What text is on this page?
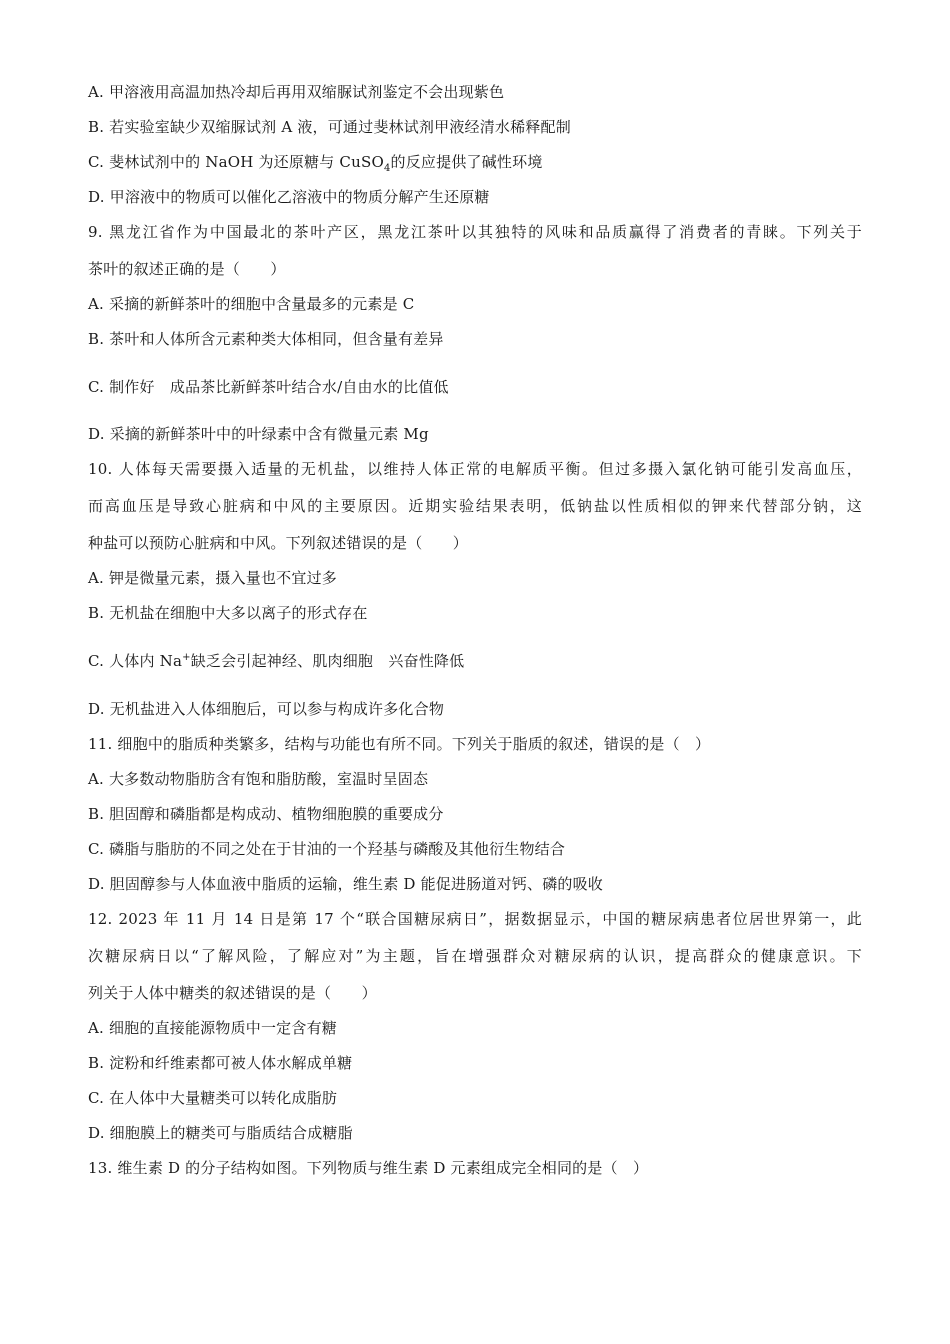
A. 甲溶液用高温加热冷却后再用双缩脲试剂鉴定不会出现紫色
B. 若实验室缺少双缩脲试剂 A 液，可通过斐林试剂甲液经清水稀释配制
C. 斐林试剂中的 NaOH 为还原糖与 CuSO$_4$的反应提供了碱性环境
D. 甲溶液中的物质可以催化乙溶液中的物质分解产生还原糖
9. 黑龙江省作为中国最北的茶叶产区，黑龙江茶叶以其独特的风味和品质赢得了消费者的青睐。下列关于
茶叶的叙述正确的是（　　）
A. 采摘的新鲜茶叶的细胞中含量最多的元素是 C
B. 茶叶和人体所含元素种类大体相同，但含量有差异
C. 制作好　成品茶比新鲜茶叶结合水/自由水的比值低
D. 采摘的新鲜茶叶中的叶绿素中含有微量元素 Mg
10. 人体每天需要摄入适量的无机盐，以维持人体正常的电解质平衡。但过多摄入氯化钠可能引发高血压，
而高血压是导致心脏病和中风的主要原因。近期实验结果表明，低钠盐以性质相似的钾来代替部分钠，这
种盐可以预防心脏病和中风。下列叙述错误的是（　　）
A. 钾是微量元素，摄入量也不宜过多
B. 无机盐在细胞中大多以离子的形式存在
C. 人体内 Na+缺乏会引起神经、肌肉细胞　兴奋性降低
D. 无机盐进入人体细胞后，可以参与构成许多化合物
11. 细胞中的脂质种类繁多，结构与功能也有所不同。下列关于脂质的叙述，错误的是（　）
A. 大多数动物脂肪含有饱和脂肪酸，室温时呈固态
B. 胆固醇和磷脂都是构成动、植物细胞膜的重要成分
C. 磷脂与脂肪的不同之处在于甘油的一个羟基与磷酸及其他衍生物结合
D. 胆固醇参与人体血液中脂质的运输，维生素 D 能促进肠道对钙、磷的吸收
12. 2023 年 11 月 14 日是第 17 个“联合国糖尿病日”，据数据显示，中国的糖尿病患者位居世界第一，此
次糖尿病日以“了解风险，了解应对”为主题，旨在增强群众对糖尿病的认识，提高群众的健康意识。下
列关于人体中糖类的叙述错误的是（　　）
A. 细胞的直接能源物质中一定含有糖
B. 淀粉和纤维素都可被人体水解成单糖
C. 在人体中大量糖类可以转化成脂肪
D. 细胞膜上的糖类可与脂质结合成糖脂
13. 维生素 D 的分子结构如图。下列物质与维生素 D 元素组成完全相同的是（　）
